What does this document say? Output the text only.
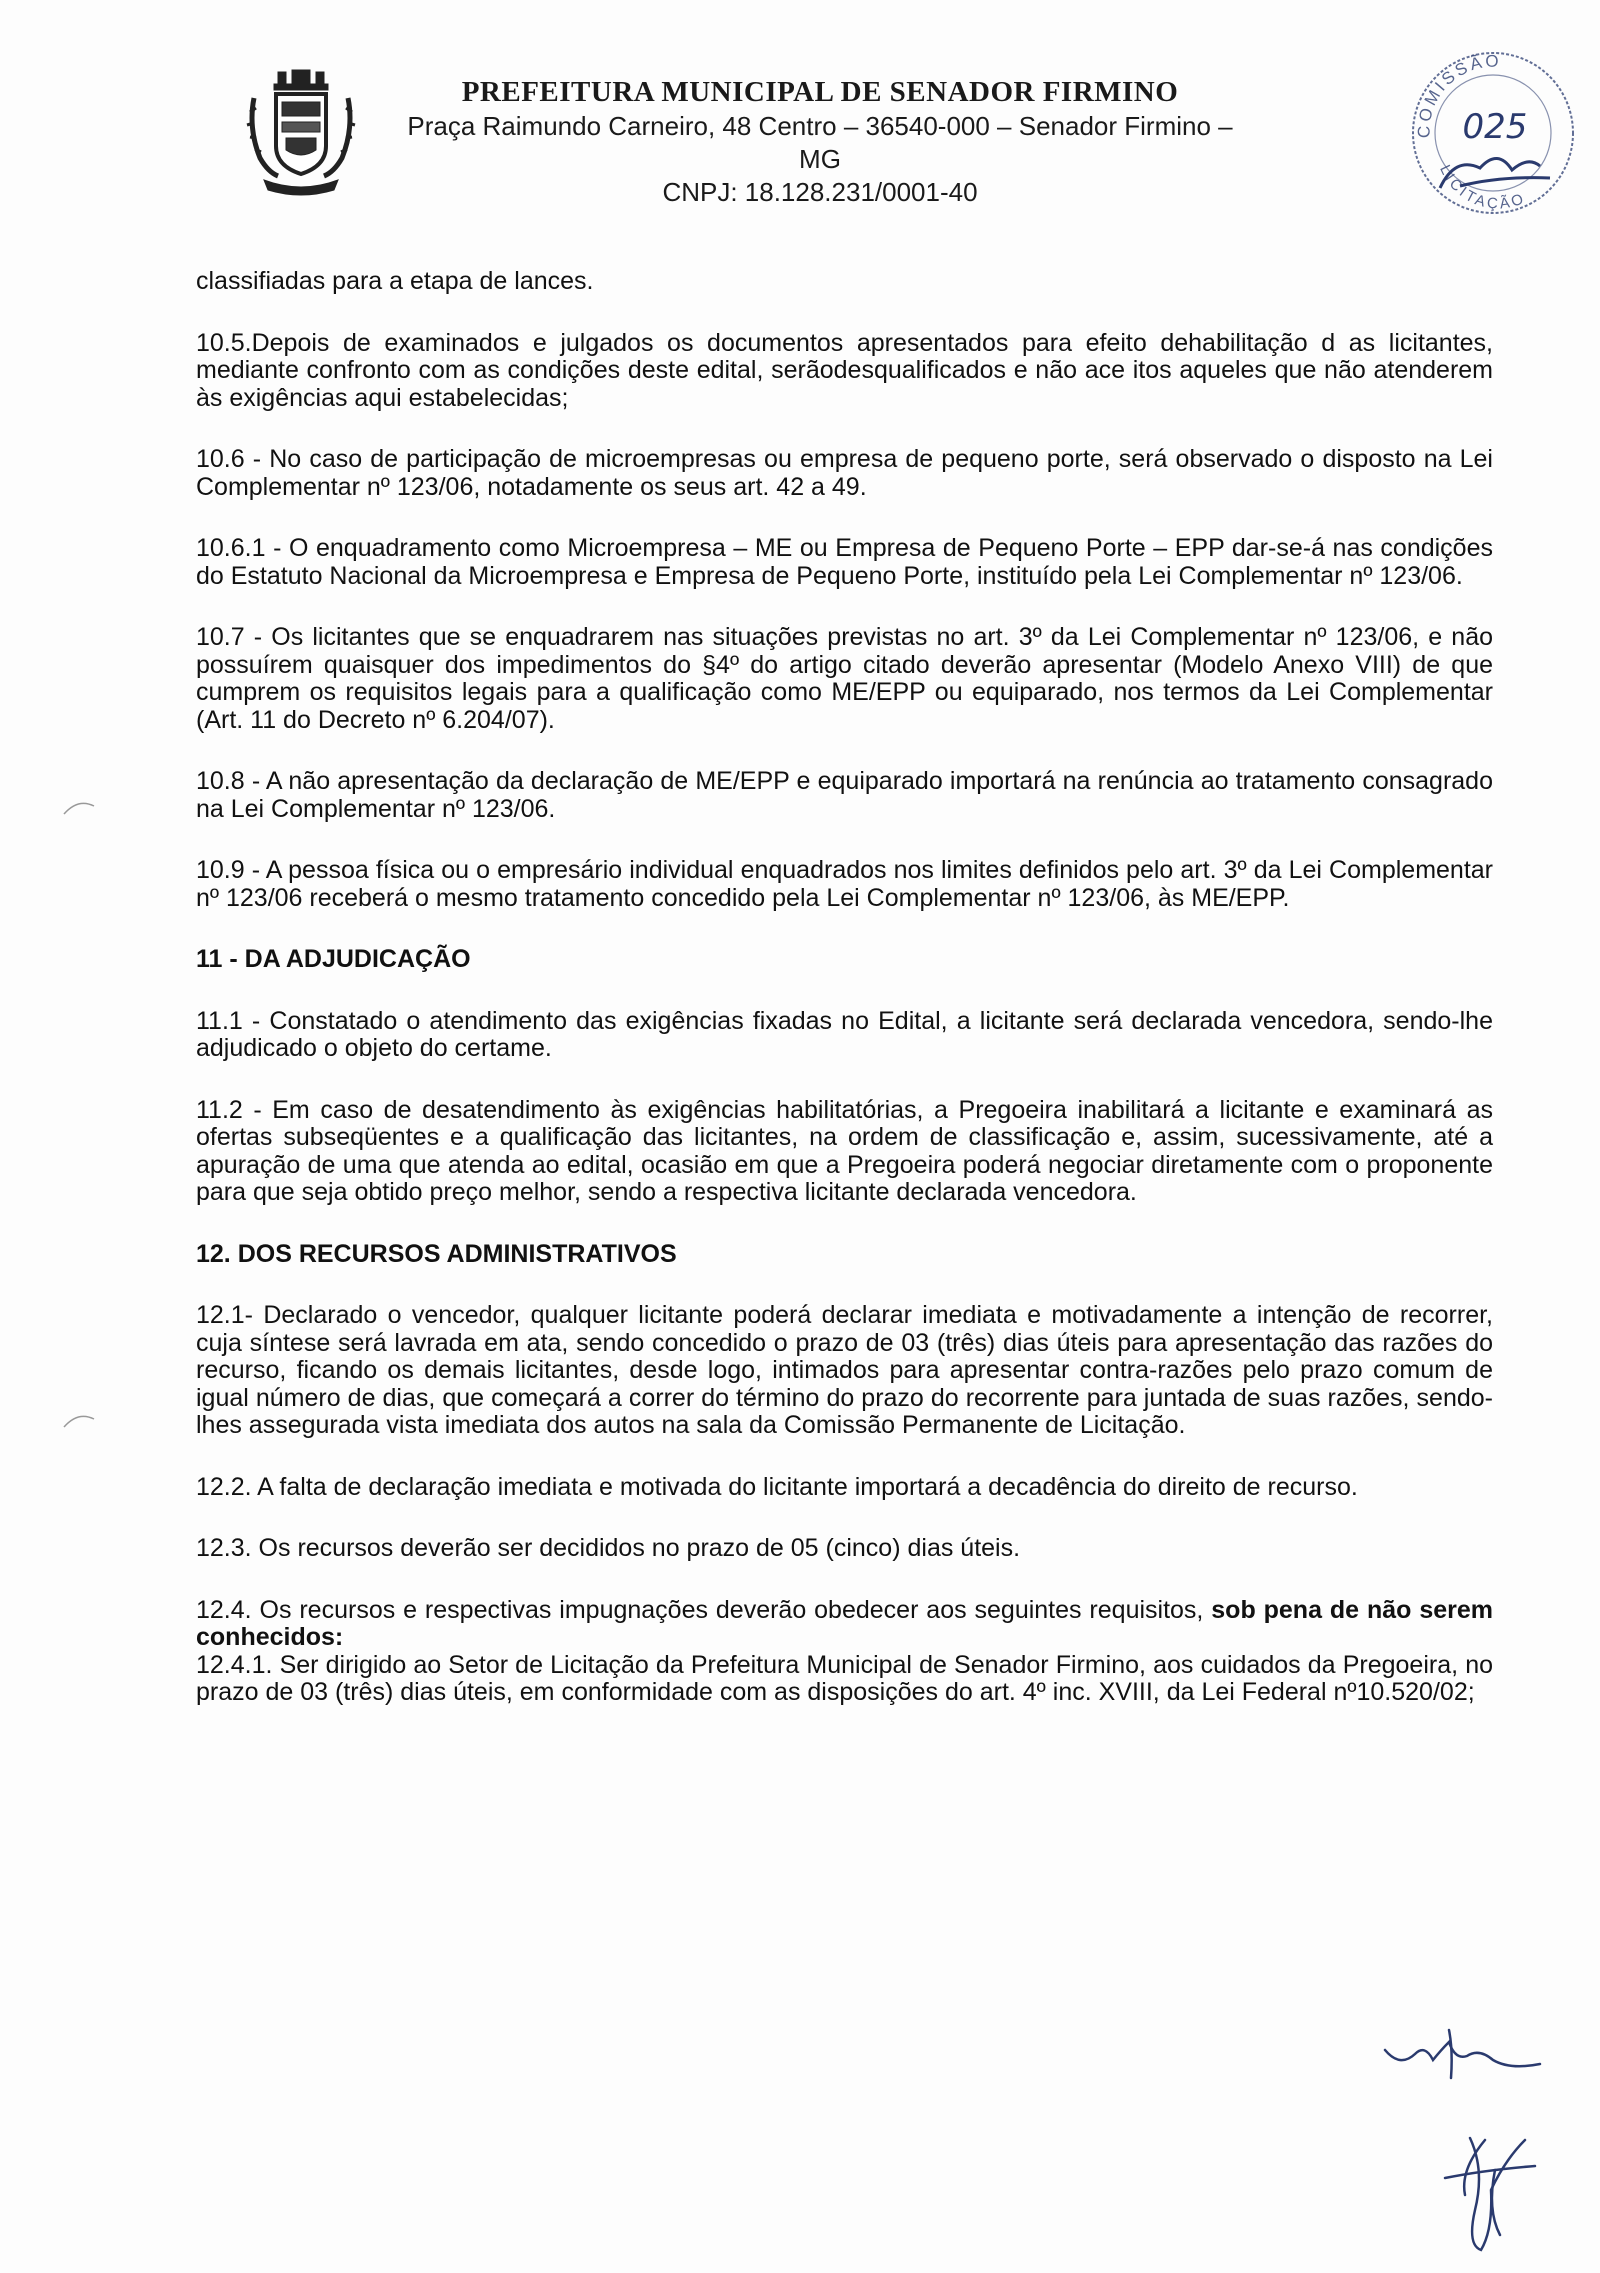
PREFEITURA MUNICIPAL DE SENADOR FIRMINO
Praça Raimundo Carneiro, 48 Centro – 36540-000 – Senador Firmino – MG
CNPJ: 18.128.231/0001-40
COMISSÃO
LICITAÇÃO
025

classifiadas para a etapa de lances.

10.5.Depois de examinados e julgados os documentos apresentados para efeito dehabilitação d as licitantes, mediante confronto com as condições deste edital, serãodesqualificados e não ace itos aqueles que não atenderem às exigências aqui estabelecidas;

10.6 - No caso de participação de microempresas ou empresa de pequeno porte, será observado o disposto na Lei Complementar nº 123/06, notadamente os seus art. 42 a 49.

10.6.1 - O enquadramento como Microempresa – ME ou Empresa de Pequeno Porte – EPP dar-se-á nas condições do Estatuto Nacional da Microempresa e Empresa de Pequeno Porte, instituído pela Lei Complementar nº 123/06.

10.7 - Os licitantes que se enquadrarem nas situações previstas no art. 3º da Lei Complementar nº 123/06, e não possuírem quaisquer dos impedimentos do §4º do artigo citado deverão apresentar (Modelo Anexo VIII) de que cumprem os requisitos legais para a qualificação como ME/EPP ou equiparado, nos termos da Lei Complementar (Art. 11 do Decreto nº 6.204/07).

10.8 - A não apresentação da declaração de ME/EPP e equiparado importará na renúncia ao tratamento consagrado na Lei Complementar nº 123/06.

10.9 - A pessoa física ou o empresário individual enquadrados nos limites definidos pelo art. 3º da Lei Complementar nº 123/06 receberá o mesmo tratamento concedido pela Lei Complementar nº 123/06, às ME/EPP.

11 - DA ADJUDICAÇÃO

11.1 - Constatado o atendimento das exigências fixadas no Edital, a licitante será declarada vencedora, sendo-lhe adjudicado o objeto do certame.

11.2 - Em caso de desatendimento às exigências habilitatórias, a Pregoeira inabilitará a licitante e examinará as ofertas subseqüentes e a qualificação das licitantes, na ordem de classificação e, assim, sucessivamente, até a apuração de uma que atenda ao edital, ocasião em que a Pregoeira poderá negociar diretamente com o proponente para que seja obtido preço melhor, sendo a respectiva licitante declarada vencedora.

12. DOS RECURSOS ADMINISTRATIVOS

12.1- Declarado o vencedor, qualquer licitante poderá declarar imediata e motivadamente a intenção de recorrer, cuja síntese será lavrada em ata, sendo concedido o prazo de 03 (três) dias úteis para apresentação das razões do recurso, ficando os demais licitantes, desde logo, intimados para apresentar contra-razões pelo prazo comum de igual número de dias, que começará a correr do término do prazo do recorrente para juntada de suas razões, sendo-lhes assegurada vista imediata dos autos na sala da Comissão Permanente de Licitação.

12.2. A falta de declaração imediata e motivada do licitante importará a decadência do direito de recurso.

12.3. Os recursos deverão ser decididos no prazo de 05 (cinco) dias úteis.

12.4. Os recursos e respectivas impugnações deverão obedecer aos seguintes requisitos, sob pena de não serem conhecidos:

12.4.1. Ser dirigido ao Setor de Licitação da Prefeitura Municipal de Senador Firmino, aos cuidados da Pregoeira, no prazo de 03 (três) dias úteis, em conformidade com as disposições do art. 4º inc. XVIII, da Lei Federal nº10.520/02;
